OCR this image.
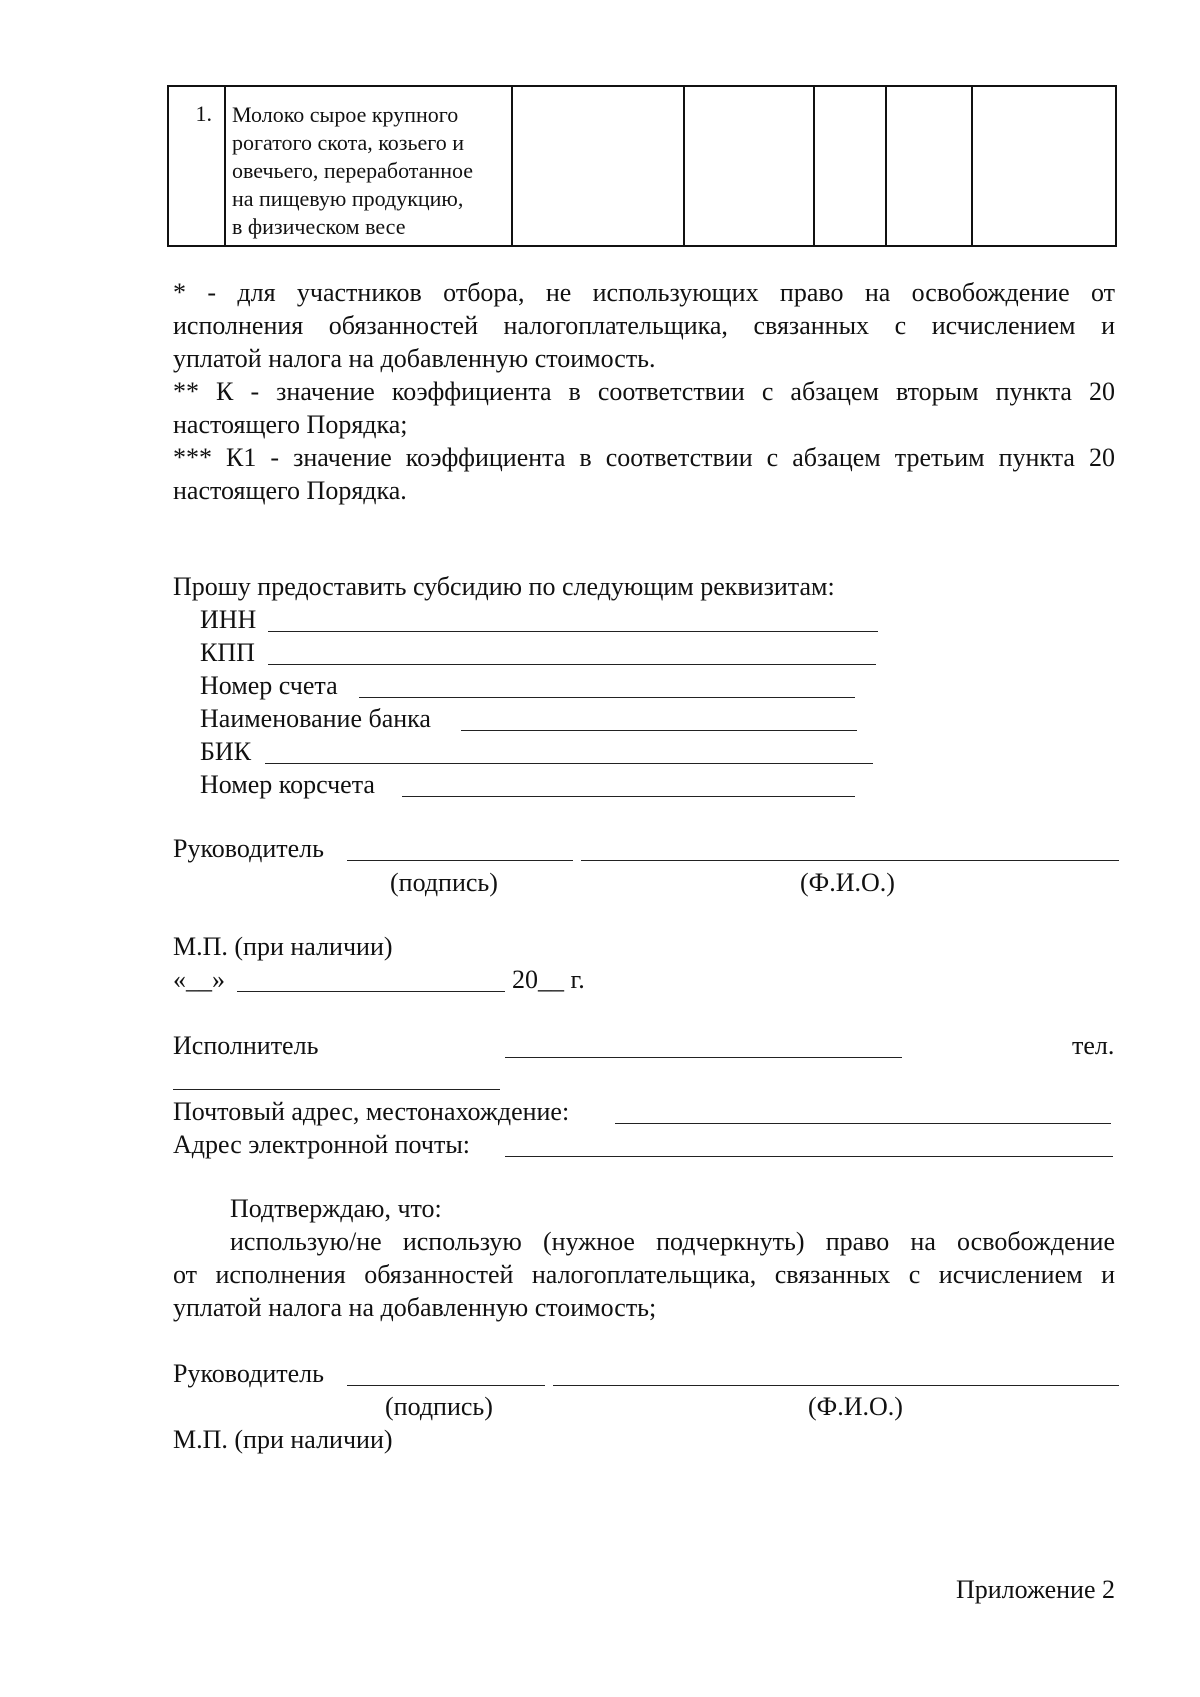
1.	Молоко сырое крупного
рогатого скота, козьего и
овечьего, переработанное
на пищевую продукцию,
в физическом весе

* - для участников отбора, не использующих право на освобождение от
исполнения обязанностей налогоплательщика, связанных с исчислением и
уплатой налога на добавленную стоимость.
** К - значение коэффициента в соответствии с абзацем вторым пункта 20
настоящего Порядка;
*** К1 - значение коэффициента в соответствии с абзацем третьим пункта 20
настоящего Порядка.
Прошу предоставить субсидию по следующим реквизитам:
ИНН
КПП
Номер счета
Наименование банка
БИК
Номер корсчета
Руководитель
(подпись)	(Ф.И.О.)
М.П. (при наличии)
«__»	20__ г.
Исполнитель	тел.
Почтовый адрес, местонахождение:
Адрес электронной почты:
Подтверждаю, что:
использую/не использую (нужное подчеркнуть) право на освобождение
от исполнения обязанностей налогоплательщика, связанных с исчислением и
уплатой налога на добавленную стоимость;
Руководитель
(подпись)	(Ф.И.О.)
М.П. (при наличии)
Приложение 2
